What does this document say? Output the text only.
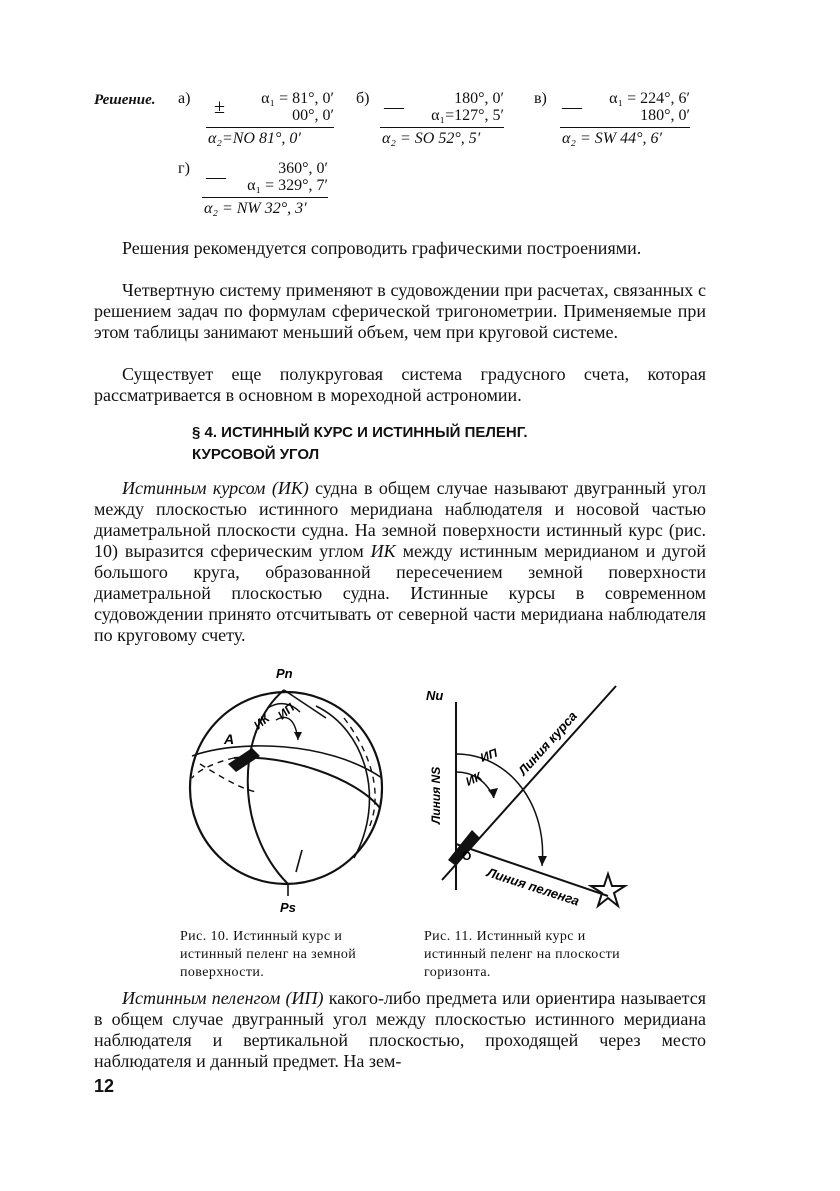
Решение. а) ± α₁ = 81°, 0′
00°, 0′
α₂=NO 81°, 0′
б) —	180°, 0′
α₁=127°, 5′
α₂ = SO 52°, 5′
в) — α₁ = 224°, 6′
180°, 0′
α₂ = SW 44°, 6′
г) —	360°, 0′
α₁ = 329°, 7′
α₂ = NW 32°, 3′
Решения рекомендуется сопроводить графическими построениями.
Четвертную систему применяют в судовождении при расчетах, связанных с решением задач по формулам сферической тригонометрии. Применяемые при этом таблицы занимают меньший объем, чем при круговой системе.
Существует еще полукруговая система градусного счета, которая рассматривается в основном в мореходной астрономии.
§ 4. ИСТИННЫЙ КУРС И ИСТИННЫЙ ПЕЛЕНГ.
КУРСОВОЙ УГОЛ
Истинным курсом (ИК) судна в общем случае называют двугранный угол между плоскостью истинного меридиана наблюдателя и носовой частью диаметральной плоскости судна. На земной поверхности истинный курс (рис. 10) выразится сферическим углом ИК между истинным меридианом и дугой большого круга, образованной пересечением земной поверхности диаметральной плоскостью судна. Истинные курсы в современном судовождении принято отсчитывать от северной части меридиана наблюдателя по круговому счету.
Pn
Ps
A
ИП
ИК
Nи
Линия NS
ИП
ИК
Линия курса
Линия пеленга
O
Рис. 10. Истинный курс и истинный пеленг на земной поверхности.
Рис. 11. Истинный курс и истинный пеленг на плоскости горизонта.
Истинным пеленгом (ИП) какого-либо предмета или ориентира называется в общем случае двугранный угол между плоскостью истинного меридиана наблюдателя и вертикальной плоскостью, проходящей через место наблюдателя и данный предмет. На зем-
12
